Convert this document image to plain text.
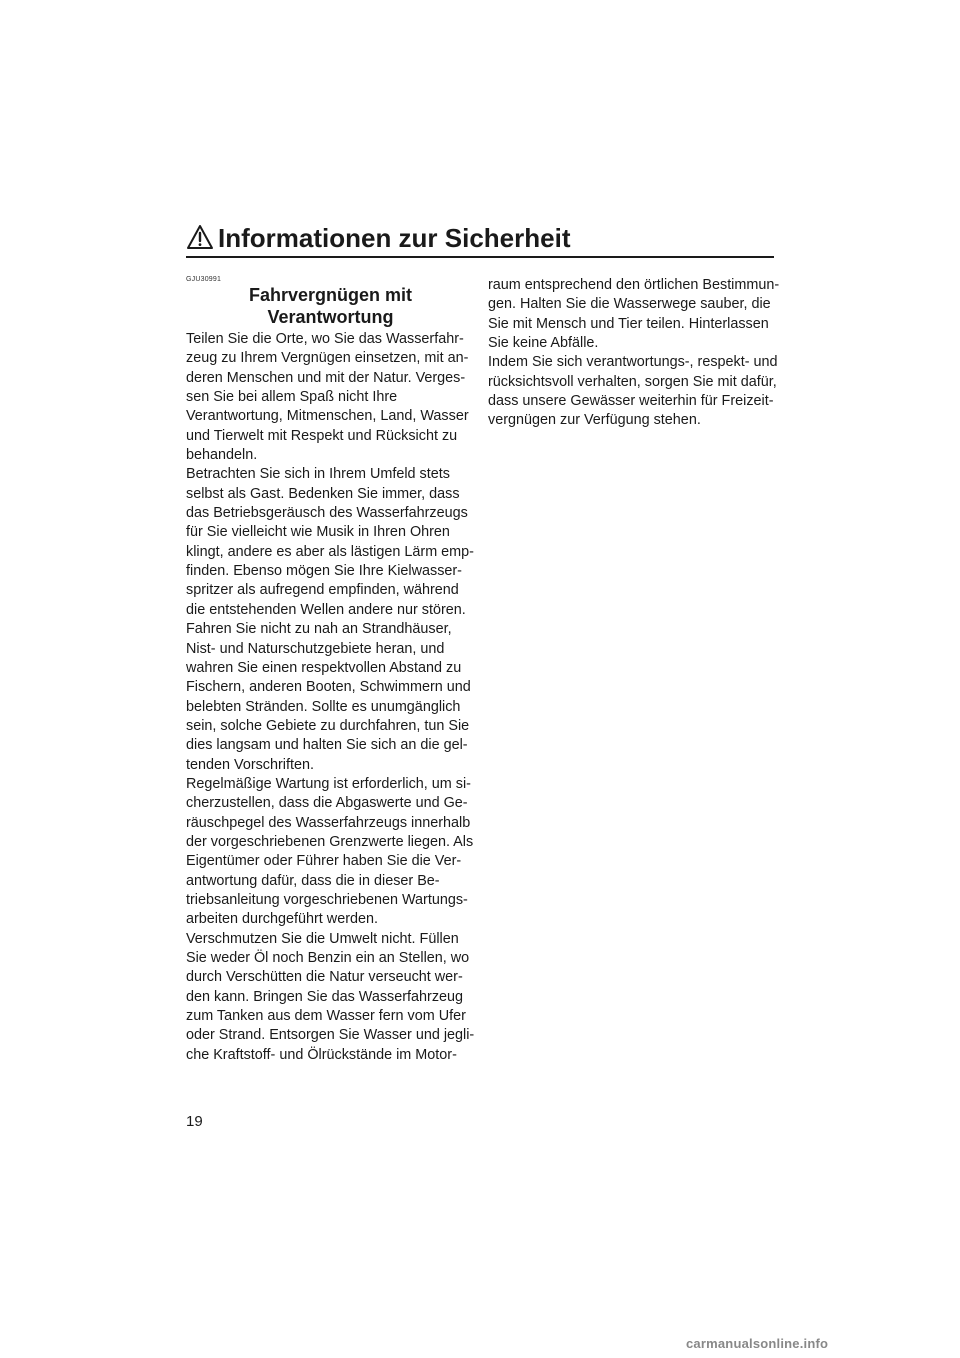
Informationen zur Sicherheit
GJU30991
Fahrvergnügen mit
Verantwortung

Teilen Sie die Orte, wo Sie das Wasserfahr-
zeug zu Ihrem Vergnügen einsetzen, mit an-
deren Menschen und mit der Natur. Verges-
sen Sie bei allem Spaß nicht Ihre
Verantwortung, Mitmenschen, Land, Wasser
und Tierwelt mit Respekt und Rücksicht zu
behandeln.

Betrachten Sie sich in Ihrem Umfeld stets
selbst als Gast. Bedenken Sie immer, dass
das Betriebsgeräusch des Wasserfahrzeugs
für Sie vielleicht wie Musik in Ihren Ohren
klingt, andere es aber als lästigen Lärm emp-
finden. Ebenso mögen Sie Ihre Kielwasser-
spritzer als aufregend empfinden, während
die entstehenden Wellen andere nur stören.
Fahren Sie nicht zu nah an Strandhäuser,
Nist- und Naturschutzgebiete heran, und
wahren Sie einen respektvollen Abstand zu
Fischern, anderen Booten, Schwimmern und
belebten Stränden. Sollte es unumgänglich
sein, solche Gebiete zu durchfahren, tun Sie
dies langsam und halten Sie sich an die gel-
tenden Vorschriften.

Regelmäßige Wartung ist erforderlich, um si-
cherzustellen, dass die Abgaswerte und Ge-
räuschpegel des Wasserfahrzeugs innerhalb
der vorgeschriebenen Grenzwerte liegen. Als
Eigentümer oder Führer haben Sie die Ver-
antwortung dafür, dass die in dieser Be-
triebsanleitung vorgeschriebenen Wartungs-
arbeiten durchgeführt werden.

Verschmutzen Sie die Umwelt nicht. Füllen
Sie weder Öl noch Benzin ein an Stellen, wo
durch Verschütten die Natur verseucht wer-
den kann. Bringen Sie das Wasserfahrzeug
zum Tanken aus dem Wasser fern vom Ufer
oder Strand. Entsorgen Sie Wasser und jegli-
che Kraftstoff- und Ölrückstände im Motor-

raum entsprechend den örtlichen Bestimmun-
gen. Halten Sie die Wasserwege sauber, die
Sie mit Mensch und Tier teilen. Hinterlassen
Sie keine Abfälle.

Indem Sie sich verantwortungs-, respekt- und
rücksichtsvoll verhalten, sorgen Sie mit dafür,
dass unsere Gewässer weiterhin für Freizeit-
vergnügen zur Verfügung stehen.

19
carmanualsonline.info
